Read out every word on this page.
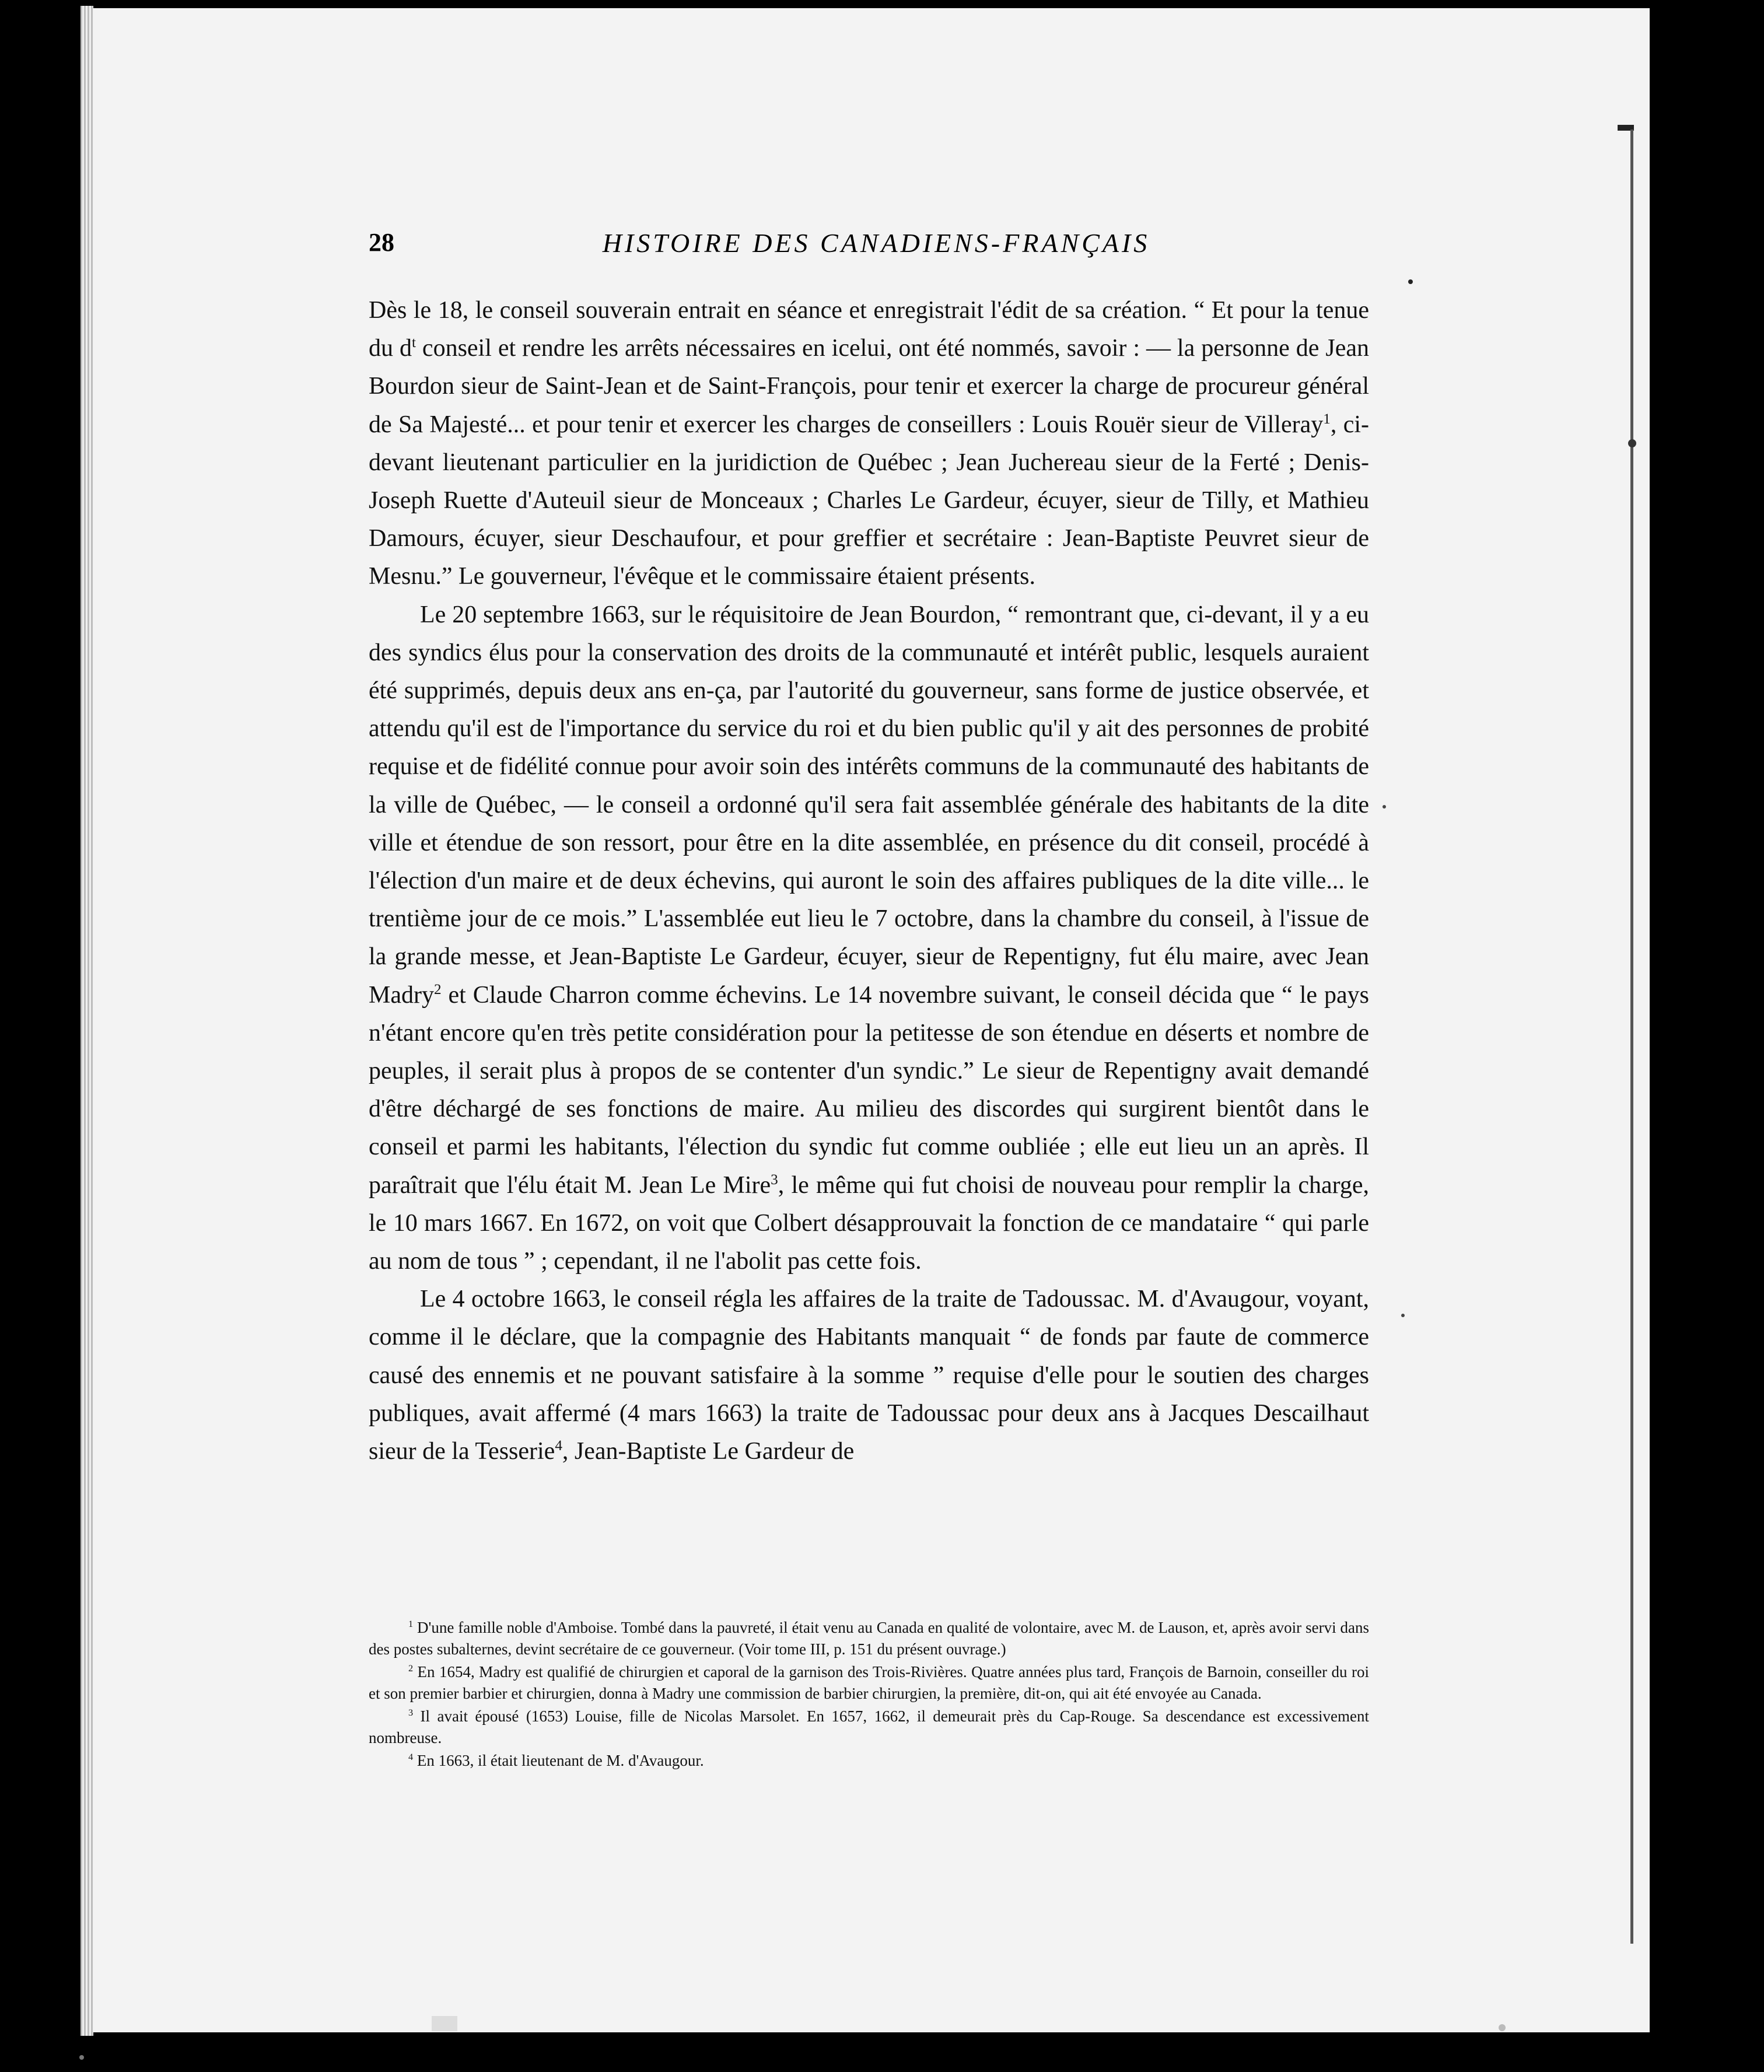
28	HISTOIRE DES CANADIENS-FRANÇAIS

Dès le 18, le conseil souverain entrait en séance et enregistrait l'édit de sa création. “ Et pour la tenue du $d^t$ conseil et rendre les arrêts nécessaires en icelui, ont été nommés, savoir : — la personne de Jean Bourdon sieur de Saint-Jean et de Saint-François, pour tenir et exercer la charge de procureur général de Sa Majesté... et pour tenir et exercer les charges de conseillers : Louis Rouër sieur de Villeray$^1$, ci-devant lieutenant particulier en la juridiction de Québec ; Jean Juchereau sieur de la Ferté ; Denis-Joseph Ruette d'Auteuil sieur de Monceaux ; Charles Le Gardeur, écuyer, sieur de Tilly, et Mathieu Damours, écuyer, sieur Deschaufour, et pour greffier et secrétaire : Jean-Baptiste Peuvret sieur de Mesnu.” Le gouverneur, l'évêque et le commissaire étaient présents.

Le 20 septembre 1663, sur le réquisitoire de Jean Bourdon, “ remontrant que, ci-devant, il y a eu des syndics élus pour la conservation des droits de la communauté et intérêt public, lesquels auraient été supprimés, depuis deux ans en-ça, par l'autorité du gouverneur, sans forme de justice observée, et attendu qu'il est de l'importance du service du roi et du bien public qu'il y ait des personnes de probité requise et de fidélité connue pour avoir soin des intérêts communs de la communauté des habitants de la ville de Québec, — le conseil a ordonné qu'il sera fait assemblée générale des habitants de la dite ville et étendue de son ressort, pour être en la dite assemblée, en présence du dit conseil, procédé à l'élection d'un maire et de deux échevins, qui auront le soin des affaires publiques de la dite ville... le trentième jour de ce mois.” L'assemblée eut lieu le 7 octobre, dans la chambre du conseil, à l'issue de la grande messe, et Jean-Baptiste Le Gardeur, écuyer, sieur de Repentigny, fut élu maire, avec Jean Madry$^2$ et Claude Charron comme échevins. Le 14 novembre suivant, le conseil décida que “ le pays n'étant encore qu'en très petite considération pour la petitesse de son étendue en déserts et nombre de peuples, il serait plus à propos de se contenter d'un syndic.” Le sieur de Repentigny avait demandé d'être déchargé de ses fonctions de maire. Au milieu des discordes qui surgirent bientôt dans le conseil et parmi les habitants, l'élection du syndic fut comme oubliée ; elle eut lieu un an après. Il paraîtrait que l'élu était M. Jean Le Mire$^3$, le même qui fut choisi de nouveau pour remplir la charge, le 10 mars 1667. En 1672, on voit que Colbert désapprouvait la fonction de ce mandataire “ qui parle au nom de tous ” ; cependant, il ne l'abolit pas cette fois.

Le 4 octobre 1663, le conseil régla les affaires de la traite de Tadoussac. M. d'Avaugour, voyant, comme il le déclare, que la compagnie des Habitants manquait “ de fonds par faute de commerce causé des ennemis et ne pouvant satisfaire à la somme ” requise d'elle pour le soutien des charges publiques, avait affermé (4 mars 1663) la traite de Tadoussac pour deux ans à Jacques Descailhaut sieur de la Tesserie$^4$, Jean-Baptiste Le Gardeur de

$^1$ D'une famille noble d'Amboise. Tombé dans la pauvreté, il était venu au Canada en qualité de volontaire, avec M. de Lauson, et, après avoir servi dans des postes subalternes, devint secrétaire de ce gouverneur. (Voir tome III, p. 151 du présent ouvrage.)

$^2$ En 1654, Madry est qualifié de chirurgien et caporal de la garnison des Trois-Rivières. Quatre années plus tard, François de Barnoin, conseiller du roi et son premier barbier et chirurgien, donna à Madry une commission de barbier chirurgien, la première, dit-on, qui ait été envoyée au Canada.

$^3$ Il avait épousé (1653) Louise, fille de Nicolas Marsolet. En 1657, 1662, il demeurait près du Cap-Rouge. Sa descendance est excessivement nombreuse.

$^4$ En 1663, il était lieutenant de M. d'Avaugour.
